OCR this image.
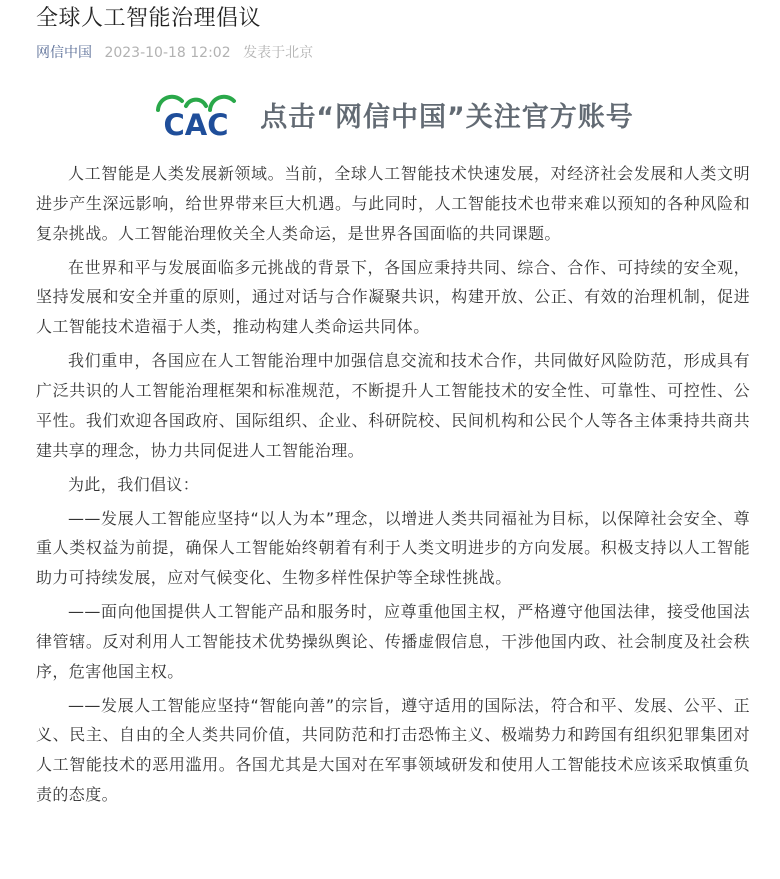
全球人工智能治理倡议
网信中国 2023-10-18 12:02 发表于北京
CAC 点击“网信中国”关注官方账号

人工智能是人类发展新领域。当前，全球人工智能技术快速发展，对经济社会发展和人类文明进步产生深远影响，给世界带来巨大机遇。与此同时，人工智能技术也带来难以预知的各种风险和复杂挑战。人工智能治理攸关全人类命运，是世界各国面临的共同课题。

在世界和平与发展面临多元挑战的背景下，各国应秉持共同、综合、合作、可持续的安全观，坚持发展和安全并重的原则，通过对话与合作凝聚共识，构建开放、公正、有效的治理机制，促进人工智能技术造福于人类，推动构建人类命运共同体。

我们重申，各国应在人工智能治理中加强信息交流和技术合作，共同做好风险防范，形成具有广泛共识的人工智能治理框架和标准规范，不断提升人工智能技术的安全性、可靠性、可控性、公平性。我们欢迎各国政府、国际组织、企业、科研院校、民间机构和公民个人等各主体秉持共商共建共享的理念，协力共同促进人工智能治理。

为此，我们倡议：

——发展人工智能应坚持“以人为本”理念，以增进人类共同福祉为目标，以保障社会安全、尊重人类权益为前提，确保人工智能始终朝着有利于人类文明进步的方向发展。积极支持以人工智能助力可持续发展，应对气候变化、生物多样性保护等全球性挑战。

——面向他国提供人工智能产品和服务时，应尊重他国主权，严格遵守他国法律，接受他国法律管辖。反对利用人工智能技术优势操纵舆论、传播虚假信息，干涉他国内政、社会制度及社会秩序，危害他国主权。

——发展人工智能应坚持“智能向善”的宗旨，遵守适用的国际法，符合和平、发展、公平、正义、民主、自由的全人类共同价值，共同防范和打击恐怖主义、极端势力和跨国有组织犯罪集团对人工智能技术的恶用滥用。各国尤其是大国对在军事领域研发和使用人工智能技术应该采取慎重负责的态度。
